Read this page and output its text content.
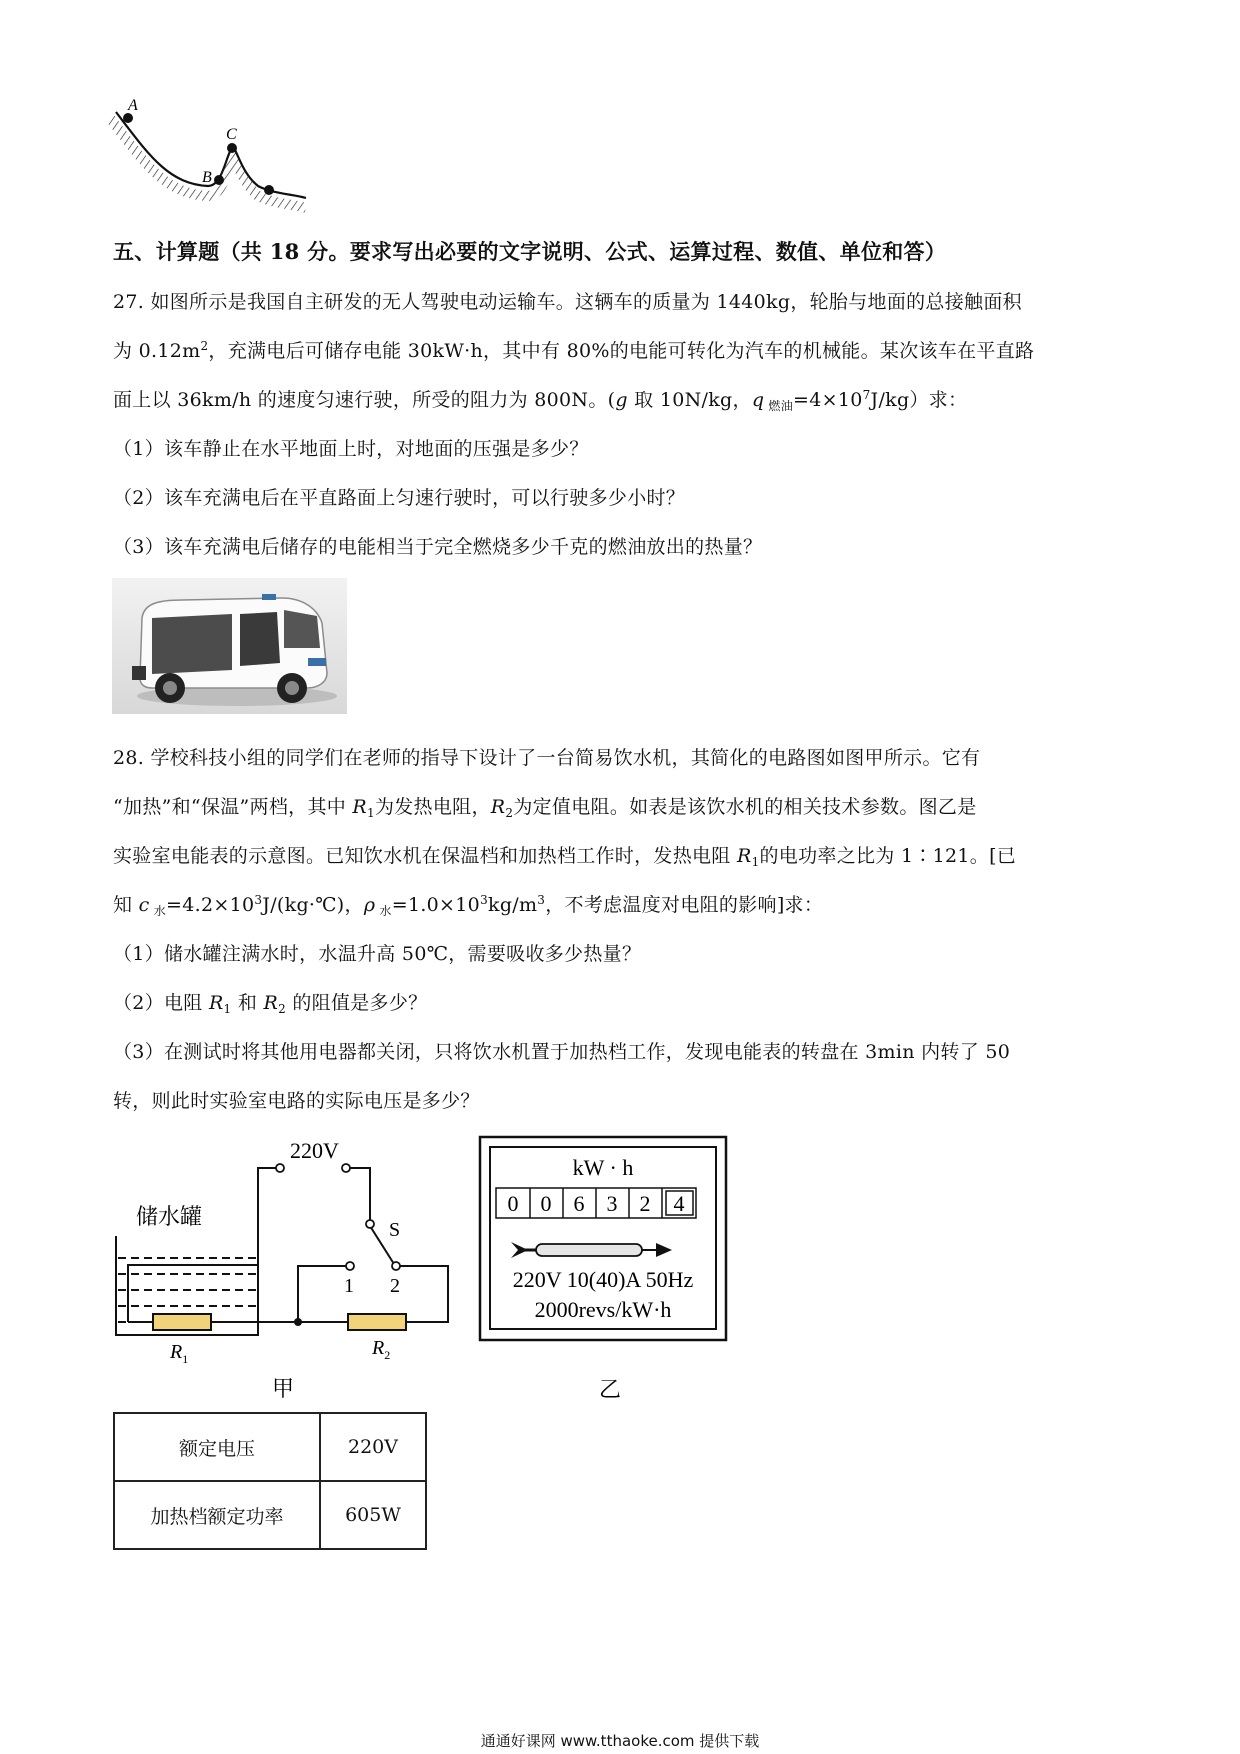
A
C
B
五、计算题（共 18 分。要求写出必要的文字说明、公式、运算过程、数值、单位和答）
27. 如图所示是我国自主研发的无人驾驶电动运输车。这辆车的质量为 1440kg，轮胎与地面的总接触面积
为 $0.12m^2$，充满电后可储存电能 30kW·h，其中有 80%的电能可转化为汽车的机械能。某次该车在平直路
面上以 36km/h 的速度匀速行驶，所受的阻力为 800N。(g 取 10N/kg，q $_{燃油}=4\times 10^7J/kg$）求：
（1）该车静止在水平地面上时，对地面的压强是多少？
（2）该车充满电后在平直路面上匀速行驶时，可以行驶多少小时？
（3）该车充满电后储存的电能相当于完全燃烧多少千克的燃油放出的热量？
28. 学校科技小组的同学们在老师的指导下设计了一台简易饮水机，其简化的电路图如图甲所示。它有
“加热”和“保温”两档，其中 $R_1$为发热电阻，$R_2$为定值电阻。如表是该饮水机的相关技术参数。图乙是
实验室电能表的示意图。已知饮水机在保温档和加热档工作时，发热电阻 $R_1$的电功率之比为 1∶121。[已
知 c $_水=4.2\times 10^3J/(kg\cdot℃)$，ρ $_水=1.0\times 10^3kg/m^3$，不考虑温度对电阻的影响]求：
（1）储水罐注满水时，水温升高 50℃，需要吸收多少热量？
（2）电阻 $R_1$ 和 $R_2$ 的阻值是多少？
（3）在测试时将其他用电器都关闭，只将饮水机置于加热档工作，发现电能表的转盘在 3min 内转了 50
转，则此时实验室电路的实际电压是多少？
220V
储水罐	S
1 2
$R_1$	$R_2$
甲
kW · h
0 0 6 3 2 4
220V 10(40)A 50Hz
2000revs/kW·h
乙
额定电压	220V
加热档额定功率	605W
通通好课网 www.tthaoke.com 提供下载
